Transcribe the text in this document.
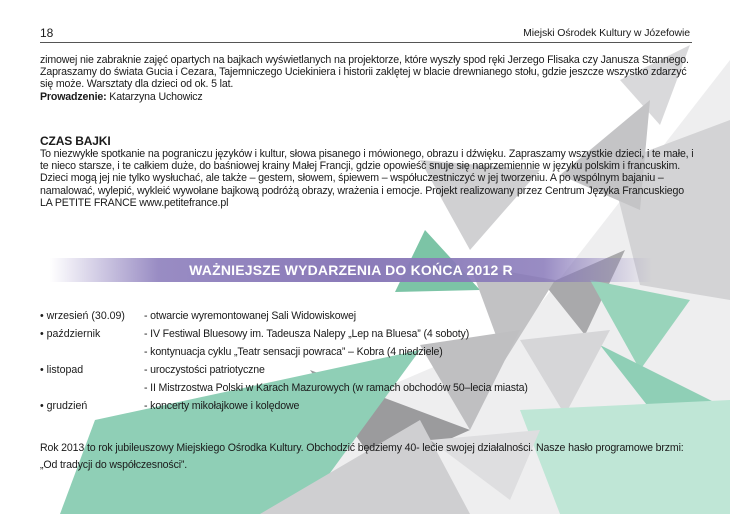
18	Miejski Ośrodek Kultury w Józefowie

zimowej nie zabraknie zajęć opartych na bajkach wyświetlanych na projektorze, które wyszły spod ręki Jerzego Flisaka czy Janusza Stannego. Zapraszamy do świata Gucia i Cezara, Tajemniczego Uciekiniera i historii zaklętej w blacie drewnianego stołu, gdzie jeszcze wszystko zdarzyć się może. Warsztaty dla dzieci od ok. 5 lat.

Prowadzenie: Katarzyna Uchowicz

CZAS BAJKI

To niezwykłe spotkanie na pograniczu języków i kultur, słowa pisanego i mówionego, obrazu i dźwięku. Zapraszamy wszystkie dzieci, i te małe, i te nieco starsze, i te całkiem duże, do baśniowej krainy Małej Francji, gdzie opowieść snuje się naprzemiennie w języku polskim i francuskim. Dzieci mogą jej nie tylko wysłuchać, ale także – gestem, słowem, śpiewem – współuczestniczyć w jej tworzeniu. A po wspólnym bajaniu – namalować, wylepić, wykleić wywołane bajkową podróżą obrazy, wrażenia i emocje. Projekt realizowany przez Centrum Języka Francuskiego LA PETITE FRANCE www.petitefrance.pl

WAŻNIEJSZE WYDARZENIA DO KOŃCA 2012 R
• wrzesień (30.09)	- otwarcie wyremontowanej Sali Widowiskowej
• październik	- IV Festiwal Bluesowy im. Tadeusza Nalepy „Lep na Bluesa” (4 soboty)
- kontynuacja cyklu „Teatr sensacji powraca” – Kobra (4 niedziele)
• listopad	- uroczystości patriotyczne
- II Mistrzostwa Polski w Karach Mazurowych (w ramach obchodów 50–lecia miasta)
• grudzień	- koncerty mikołajkowe i kolędowe

Rok 2013 to rok jubileuszowy Miejskiego Ośrodka Kultury. Obchodzić będziemy 40- lecie swojej działalności. Nasze hasło programowe brzmi: „Od tradycji do współczesności”.
